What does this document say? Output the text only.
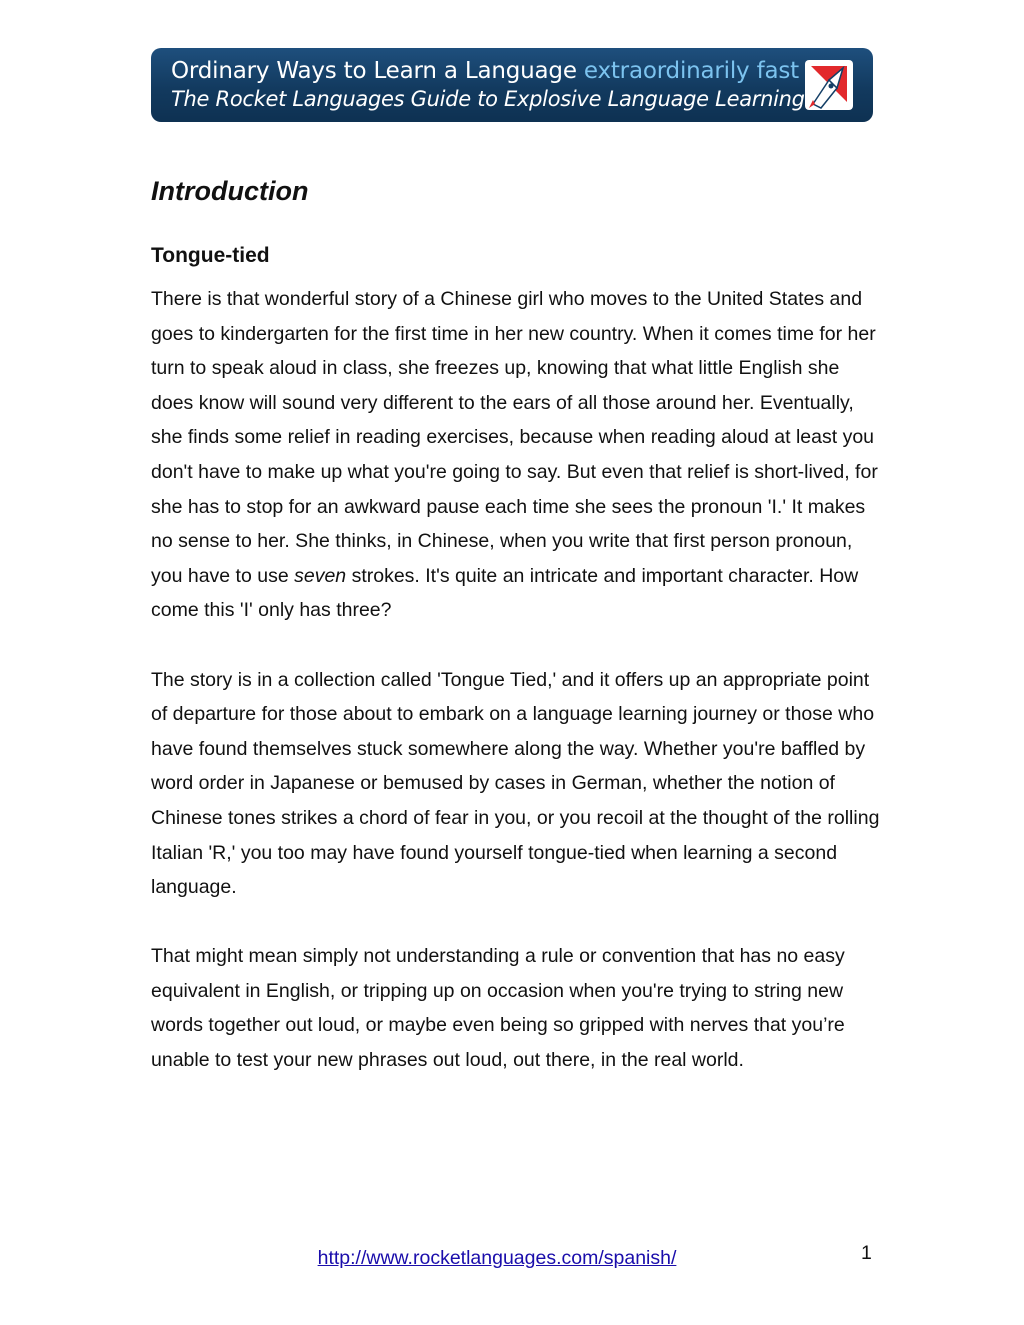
Ordinary Ways to Learn a Language extraordinarily fast
The Rocket Languages Guide to Explosive Language Learning
Introduction
Tongue-tied

There is that wonderful story of a Chinese girl who moves to the United States and goes to kindergarten for the first time in her new country. When it comes time for her turn to speak aloud in class, she freezes up, knowing that what little English she does know will sound very different to the ears of all those around her. Eventually, she finds some relief in reading exercises, because when reading aloud at least you don't have to make up what you're going to say. But even that relief is short-lived, for she has to stop for an awkward pause each time she sees the pronoun 'I.' It makes no sense to her. She thinks, in Chinese, when you write that first person pronoun, you have to use seven strokes. It's quite an intricate and important character. How come this 'I' only has three?

The story is in a collection called 'Tongue Tied,' and it offers up an appropriate point of departure for those about to embark on a language learning journey or those who have found themselves stuck somewhere along the way. Whether you're baffled by word order in Japanese or bemused by cases in German, whether the notion of Chinese tones strikes a chord of fear in you, or you recoil at the thought of the rolling Italian 'R,' you too may have found yourself tongue-tied when learning a second language.

That might mean simply not understanding a rule or convention that has no easy equivalent in English, or tripping up on occasion when you're trying to string new words together out loud, or maybe even being so gripped with nerves that you’re unable to test your new phrases out loud, out there, in the real world.

http://www.rocketlanguages.com/spanish/	1
